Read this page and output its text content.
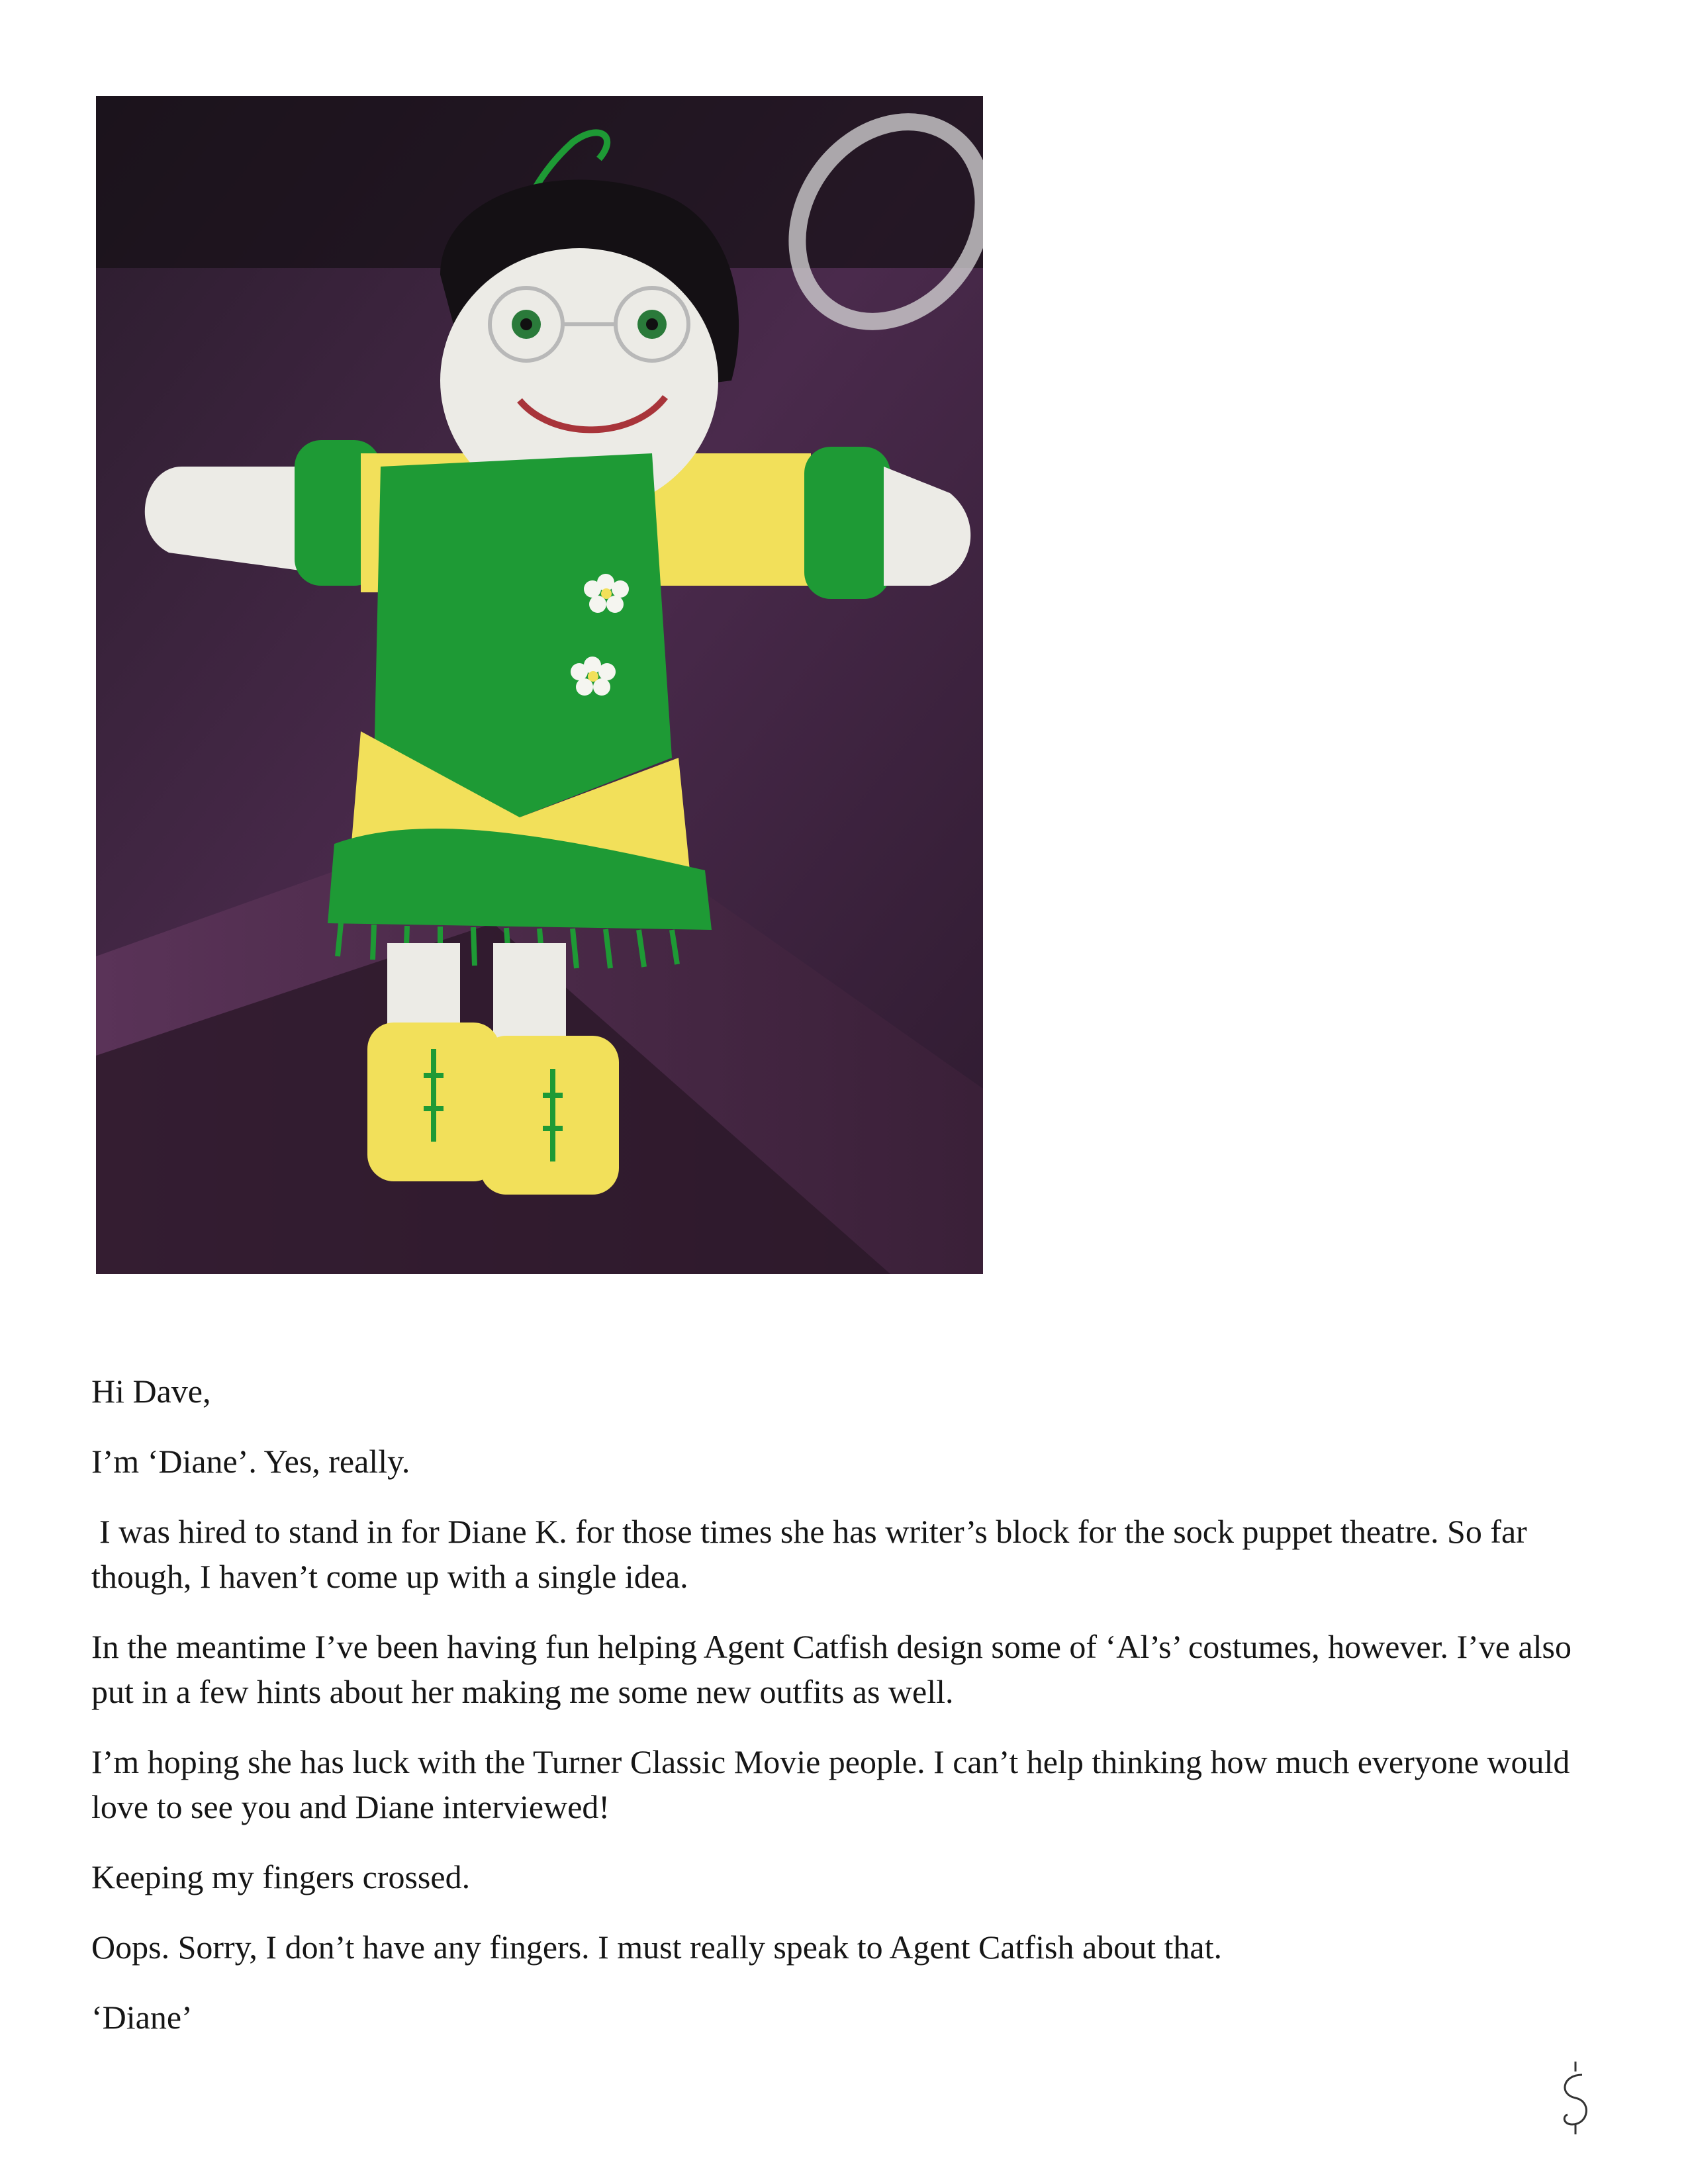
Hi Dave,

I’m ‘Diane’. Yes, really.

I was hired to stand in for Diane K. for those times she has writer’s block for the sock puppet theatre. So far though, I haven’t come up with a single idea.

In the meantime I’ve been having fun helping Agent Catfish design some of ‘Al’s’ costumes, however. I’ve also put in a few hints about her making me some new outfits as well.

I’m hoping she has luck with the Turner Classic Movie people. I can’t help thinking how much everyone would love to see you and Diane interviewed!

Keeping my fingers crossed.

Oops. Sorry, I don’t have any fingers. I must really speak to Agent Catfish about that.

‘Diane’
